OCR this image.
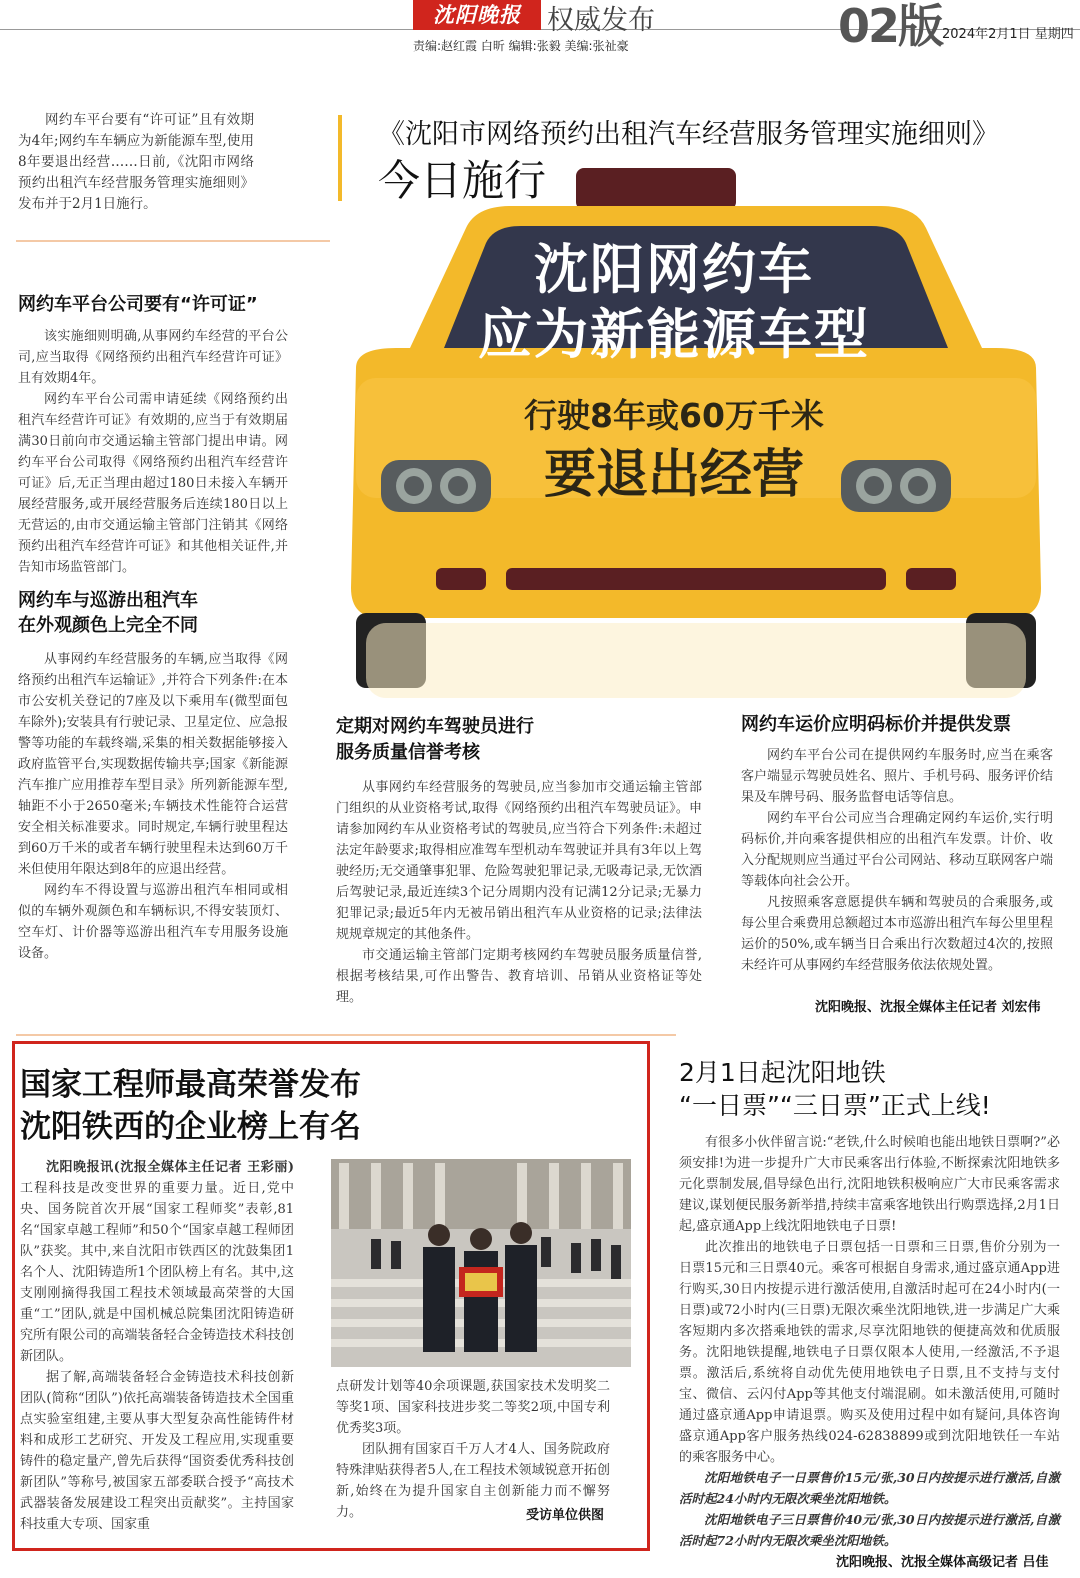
沈阳晚报 权威发布	02版 2024年2月1日 星期四
责编:赵红霞 白昕 编辑:张毅 美编:张祉豪

网约车平台要有“许可证”且有效期为4年;网约车车辆应为新能源车型,使用8年要退出经营……日前,《沈阳市网络预约出租汽车经营服务管理实施细则》发布并于2月1日施行。

《沈阳市网络预约出租汽车经营服务管理实施细则》
今日施行
沈阳网约车
应为新能源车型
行驶8年或60万千米
要退出经营
网约车平台公司要有“许可证”

该实施细则明确,从事网约车经营的平台公司,应当取得《网络预约出租汽车经营许可证》且有效期4年。

网约车平台公司需申请延续《网络预约出租汽车经营许可证》有效期的,应当于有效期届满30日前向市交通运输主管部门提出申请。网约车平台公司取得《网络预约出租汽车经营许可证》后,无正当理由超过180日未接入车辆开展经营服务,或开展经营服务后连续180日以上无营运的,由市交通运输主管部门注销其《网络预约出租汽车经营许可证》和其他相关证件,并告知市场监管部门。

网约车与巡游出租汽车
在外观颜色上完全不同

从事网约车经营服务的车辆,应当取得《网络预约出租汽车运输证》,并符合下列条件:在本市公安机关登记的7座及以下乘用车(微型面包车除外);安装具有行驶记录、卫星定位、应急报警等功能的车载终端,采集的相关数据能够接入政府监管平台,实现数据传输共享;国家《新能源汽车推广应用推荐车型目录》所列新能源车型,轴距不小于2650毫米;车辆技术性能符合运营安全相关标准要求。同时规定,车辆行驶里程达到60万千米的或者车辆行驶里程未达到60万千米但使用年限达到8年的应退出经营。

网约车不得设置与巡游出租汽车相同或相似的车辆外观颜色和车辆标识,不得安装顶灯、空车灯、计价器等巡游出租汽车专用服务设施设备。

定期对网约车驾驶员进行
服务质量信誉考核

从事网约车经营服务的驾驶员,应当参加市交通运输主管部门组织的从业资格考试,取得《网络预约出租汽车驾驶员证》。申请参加网约车从业资格考试的驾驶员,应当符合下列条件:未超过法定年龄要求;取得相应准驾车型机动车驾驶证并具有3年以上驾驶经历;无交通肇事犯罪、危险驾驶犯罪记录,无吸毒记录,无饮酒后驾驶记录,最近连续3个记分周期内没有记满12分记录;无暴力犯罪记录;最近5年内无被吊销出租汽车从业资格的记录;法律法规规章规定的其他条件。

市交通运输主管部门定期考核网约车驾驶员服务质量信誉,根据考核结果,可作出警告、教育培训、吊销从业资格证等处理。

网约车运价应明码标价并提供发票

网约车平台公司在提供网约车服务时,应当在乘客客户端显示驾驶员姓名、照片、手机号码、服务评价结果及车牌号码、服务监督电话等信息。

网约车平台公司应当合理确定网约车运价,实行明码标价,并向乘客提供相应的出租汽车发票。计价、收入分配规则应当通过平台公司网站、移动互联网客户端等载体向社会公开。

凡按照乘客意愿提供车辆和驾驶员的合乘服务,或每公里合乘费用总额超过本市巡游出租汽车每公里里程运价的50%,或车辆当日合乘出行次数超过4次的,按照未经许可从事网约车经营服务依法依规处置。

沈阳晚报、沈报全媒体主任记者 刘宏伟
国家工程师最高荣誉发布
沈阳铁西的企业榜上有名

沈阳晚报讯(沈报全媒体主任记者 王彩丽)工程科技是改变世界的重要力量。近日,党中央、国务院首次开展“国家工程师奖”表彰,81名“国家卓越工程师”和50个“国家卓越工程师团队”获奖。其中,来自沈阳市铁西区的沈鼓集团1名个人、沈阳铸造所1个团队榜上有名。其中,这支刚刚摘得我国工程技术领域最高荣誉的大国重“工”团队,就是中国机械总院集团沈阳铸造研究所有限公司的高端装备轻合金铸造技术科技创新团队。

据了解,高端装备轻合金铸造技术科技创新团队(简称“团队”)依托高端装备铸造技术全国重点实验室组建,主要从事大型复杂高性能铸件材料和成形工艺研究、开发及工程应用,实现重要铸件的稳定量产,曾先后获得“国资委优秀科技创新团队”等称号,被国家五部委联合授予“高技术武器装备发展建设工程突出贡献奖”。主持国家科技重大专项、国家重

点研发计划等40余项课题,获国家技术发明奖二等奖1项、国家科技进步奖二等奖2项,中国专利优秀奖3项。

团队拥有国家百千万人才4人、国务院政府特殊津贴获得者5人,在工程技术领域锐意开拓创新,始终在为提升国家自主创新能力而不懈努力。	受访单位供图
2月1日起沈阳地铁
“一日票”“三日票”正式上线!

有很多小伙伴留言说:“老铁,什么时候咱也能出地铁日票啊?”必须安排!为进一步提升广大市民乘客出行体验,不断探索沈阳地铁多元化票制发展,倡导绿色出行,沈阳地铁积极响应广大市民乘客需求建议,谋划便民服务新举措,持续丰富乘客地铁出行购票选择,2月1日起,盛京通App上线沈阳地铁电子日票!

此次推出的地铁电子日票包括一日票和三日票,售价分别为一日票15元和三日票40元。乘客可根据自身需求,通过盛京通App进行购买,30日内按提示进行激活使用,自激活时起可在24小时内(一日票)或72小时内(三日票)无限次乘坐沈阳地铁,进一步满足广大乘客短期内多次搭乘地铁的需求,尽享沈阳地铁的便捷高效和优质服务。沈阳地铁提醒,地铁电子日票仅限本人使用,一经激活,不予退票。激活后,系统将自动优先使用地铁电子日票,且不支持与支付宝、微信、云闪付App等其他支付端混刷。如未激活使用,可随时通过盛京通App申请退票。购买及使用过程中如有疑问,具体咨询盛京通App客户服务热线024-62838899或到沈阳地铁任一车站的乘客服务中心。

沈阳地铁电子一日票售价15元/张,30日内按提示进行激活,自激活时起24小时内无限次乘坐沈阳地铁。

沈阳地铁电子三日票售价40元/张,30日内按提示进行激活,自激活时起72小时内无限次乘坐沈阳地铁。

沈阳晚报、沈报全媒体高级记者 吕佳
